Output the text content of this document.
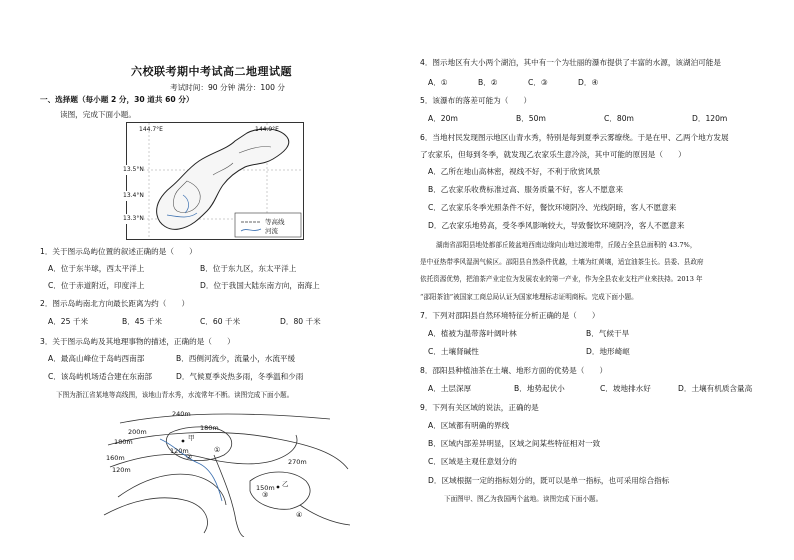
六校联考期中考试高二地理试题
考试时间：90 分钟 满分：100 分
一、选择题（每小题 2 分，30 道共 60 分）
读图，完成下面小题。
144.7°E	144.9°E
13.5°N
13.4°N
13.3°N	等高线
河流
1．关于图示岛屿位置的叙述正确的是（　　）
A．位于东半球，西太平洋上	B．位于东九区，东太平洋上
C．位于赤道附近，印度洋上	D．位于我国大陆东南方向，南海上
2．图示岛屿南北方向最长距离为约（　　）
A．25 千米	B．45 千米	C．60 千米	D．80 千米
3．关于图示岛屿及其地理事物的描述，正确的是（　　）
A．最高山峰位于岛屿西南部	B．西侧河流少，流量小，水流平缓
C．该岛屿机场适合建在东南部	D．气候夏季炎热多雨，冬季温和少雨
下图为浙江省某地等高线图，该地山青水秀，水流常年不断。读图完成下面小题。
①
②
③
④
240m
200m	180m
180m
160m
120m
120m
150m
270m
甲
乙
4．图示地区有大小两个湖泊，其中有一个为壮丽的瀑布提供了丰富的水源，该湖泊可能是
A．①	B．②	C．③	D．④
5．该瀑布的落差可能为（　　）
A．20m	B．50m	C．80m	D．120m
6．当地村民发现图示地区山青水秀，特别是每到夏季云雾缭绕。于是在甲、乙两个地方发展
了农家乐，但每到冬季，就发现乙农家乐生意冷淡，其中可能的原因是（　　）
A．乙所在地山高林密，视线不好，不利于欣赏风景
B．乙农家乐收费标准过高、服务质量不好，客人不愿意来
C．乙农家乐冬季光照条件不好，餐饮环境阴冷、光线阴暗，客人不愿意来
D．乙农家乐地势高，受冬季风影响较大，导致餐饮环境阴冷，客人不愿意来
湖南省邵阳县地处都部丘陵盆地西南边缘向山地过渡地带，丘陵占全县总面积的 43.7%，
是中亚热带季风湿润气候区。邵阳县自然条件优越，土壤为红黄壤，适宜油茶生长。县委、县政府
依托资源优势，把油茶产业定位为发展农业的第一产业，作为全县农业支柱产业来扶持。2013 年
“邵阳茶油”被国家工商总局认证为国家地理标志证明商标。完成下面小题。
7．下列对邵阳县自然环境特征分析正确的是（　　）
A．植被为温带落叶阔叶林	B．气候干旱
C．土壤肾碱性	D．地形崎岖
8．邵阳县种植油茶在土壤、地形方面的优势是（　　）
A．土层深厚	B．地势起伏小	C．坡地排水好	D．土壤有机质含量高
9．下列有关区域的说法，正确的是
A．区域都有明确的界线
B．区域内部差异明显，区域之间某些特征相对一致
C．区域是主观任意划分的
D．区域根据一定的指标划分的，既可以是单一指标，也可采用综合指标
下面图甲、图乙为我国两个盆地。读图完成下面小题。
